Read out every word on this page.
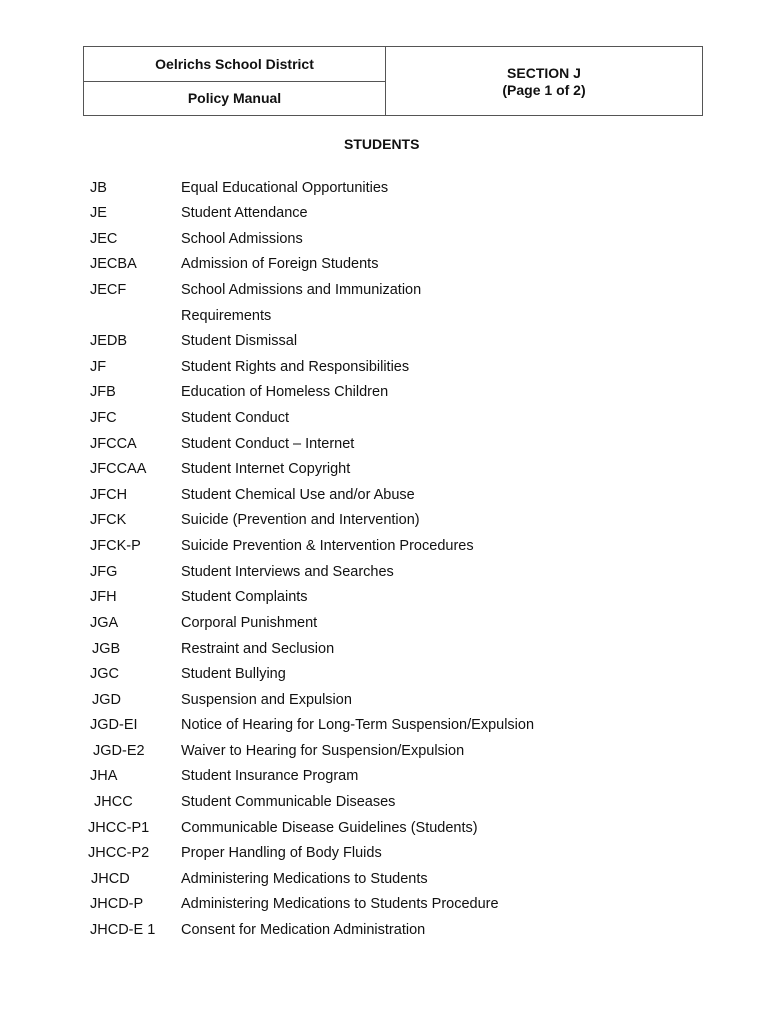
Oelrichs School District
Policy Manual
SECTION J
(Page 1 of 2)
STUDENTS
JB	Equal Educational Opportunities
JE	Student Attendance
JEC	School Admissions
JECBA	Admission of Foreign Students
JECF	School Admissions and Immunization
Requirements
JEDB	Student Dismissal
JF	Student Rights and Responsibilities
JFB	Education of Homeless Children
JFC	Student Conduct
JFCCA	Student Conduct – Internet
JFCCAA Student Internet Copyright
JFCH	Student Chemical Use and/or Abuse
JFCK	Suicide (Prevention and Intervention)
JFCK-P	Suicide Prevention & Intervention Procedures
JFG	Student Interviews and Searches
JFH	Student Complaints
JGA	Corporal Punishment
JGB	Restraint and Seclusion
JGC	Student Bullying
JGD	Suspension and Expulsion
JGD-EI	Notice of Hearing for Long-Term Suspension/Expulsion
JGD-E2	Waiver to Hearing for Suspension/Expulsion
JHA	Student Insurance Program
JHCC	Student Communicable Diseases
JHCC-P1 Communicable Disease Guidelines (Students)
JHCC-P2 Proper Handling of Body Fluids
JHCD	Administering Medications to Students
JHCD-P	Administering Medications to Students Procedure
JHCD-E 1 Consent for Medication Administration
